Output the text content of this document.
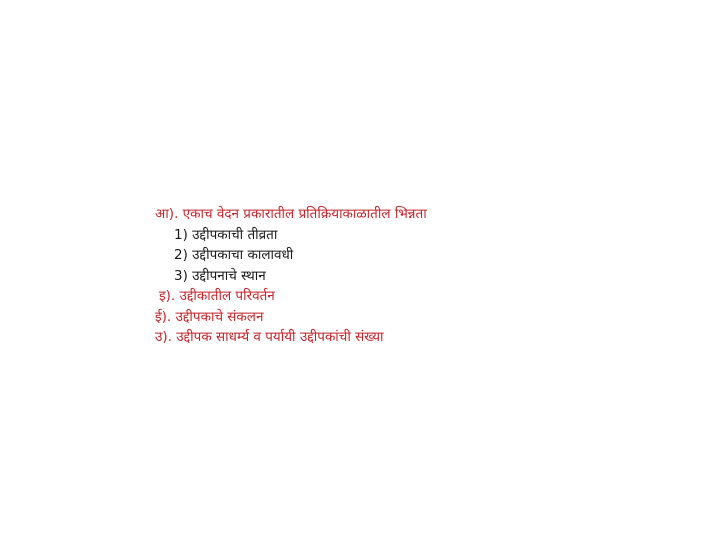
आ). एकाच वेदन प्रकारातील प्रतिक्रियाकाळातील भिन्नता
1) उद्दीपकाची तीव्रता
2) उद्दीपकाचा कालावधी
3) उद्दीपनाचे स्थान
इ). उद्दीकातील परिवर्तन
ई). उद्दीपकाचे संकलन
उ). उद्दीपक साधर्म्य व पर्यायी उद्दीपकांची संख्या
